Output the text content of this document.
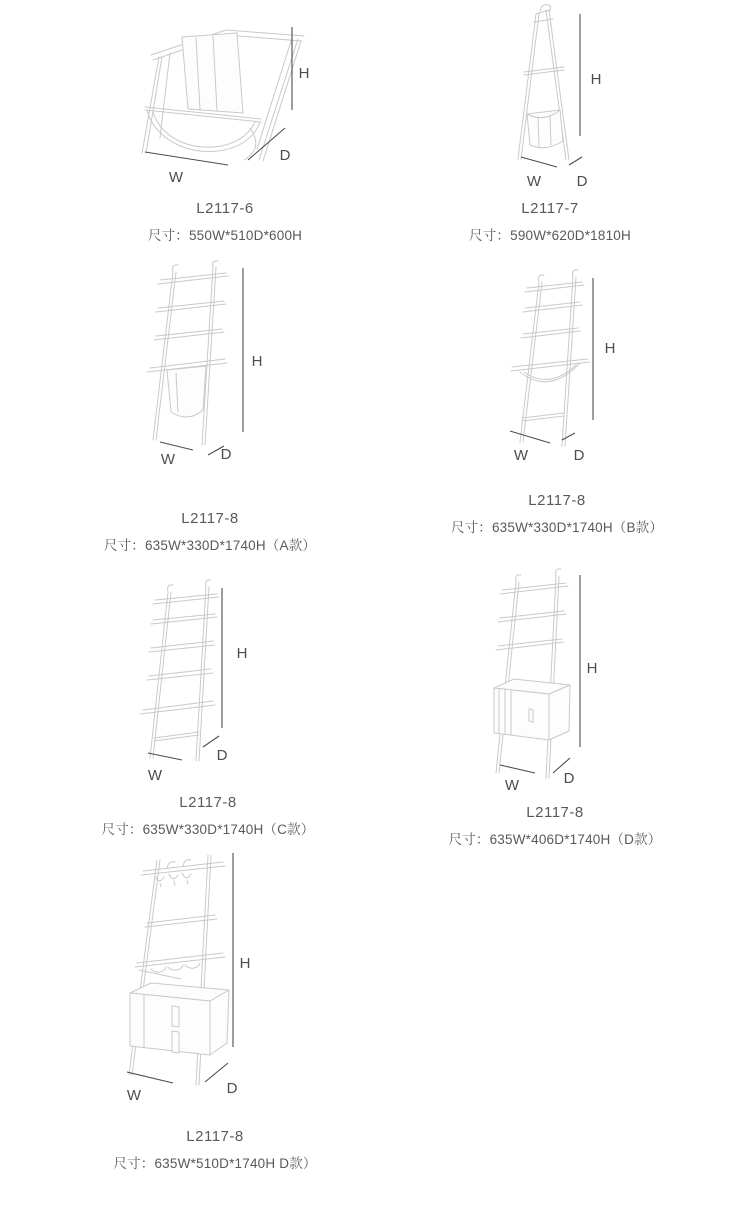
H
W
D
L2117-6
尺寸：550W*510D*600H
H
W D
L2117-7
尺寸：590W*620D*1810H
H
W	D
L2117-8
尺寸：635W*330D*1740H（A款）
H
W	D
L2117-8
尺寸：635W*330D*1740H（B款）
H
W
D
L2117-8
尺寸：635W*330D*1740H（C款）
H
W	D
L2117-8
尺寸：635W*406D*1740H（D款）
H
W	D
L2117-8
尺寸：635W*510D*1740H D款）
